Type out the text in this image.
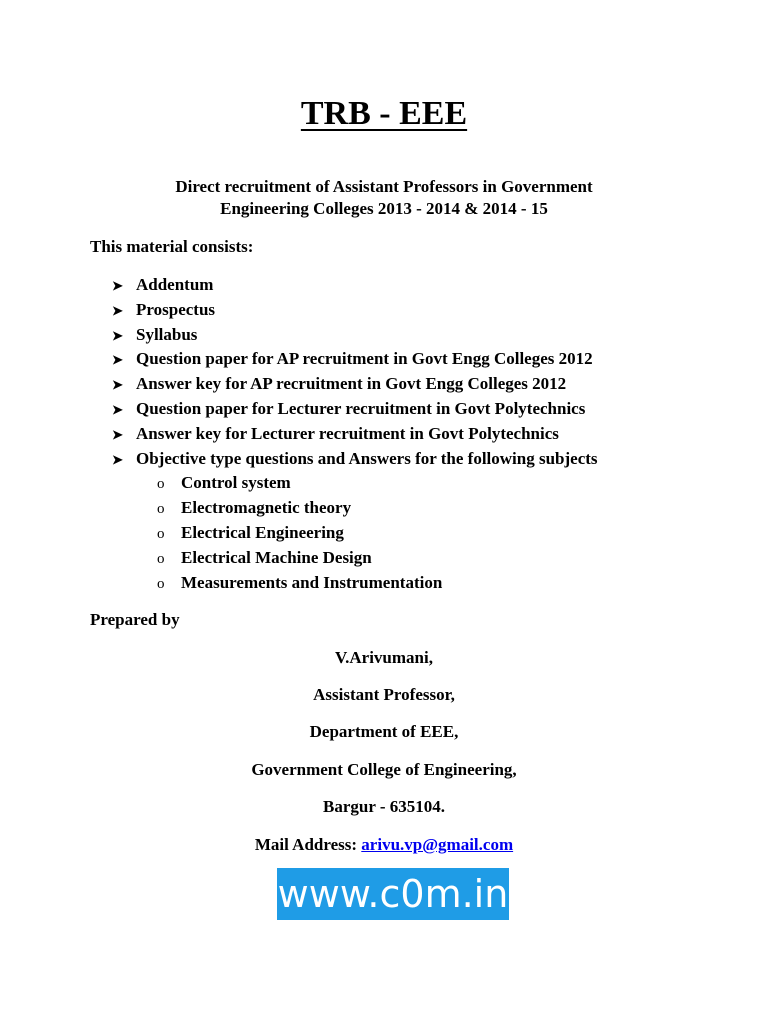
TRB - EEE
Direct recruitment of Assistant Professors in Government
Engineering Colleges 2013 - 2014 & 2014 - 15
This material consists:
➤ Addentum
➤ Prospectus
➤ Syllabus
➤ Question paper for AP recruitment in Govt Engg Colleges 2012
➤ Answer key for AP recruitment in Govt Engg Colleges 2012
➤ Question paper for Lecturer recruitment in Govt Polytechnics
➤ Answer key for Lecturer recruitment in Govt Polytechnics
➤ Objective type questions and Answers for the following subjects
o Control system
o Electromagnetic theory
o Electrical Engineering
o Electrical Machine Design
o Measurements and Instrumentation
Prepared by
V.Arivumani,
Assistant Professor,
Department of EEE,
Government College of Engineering,
Bargur - 635104.
Mail Address: arivu.vp@gmail.com
www.c0m.in
